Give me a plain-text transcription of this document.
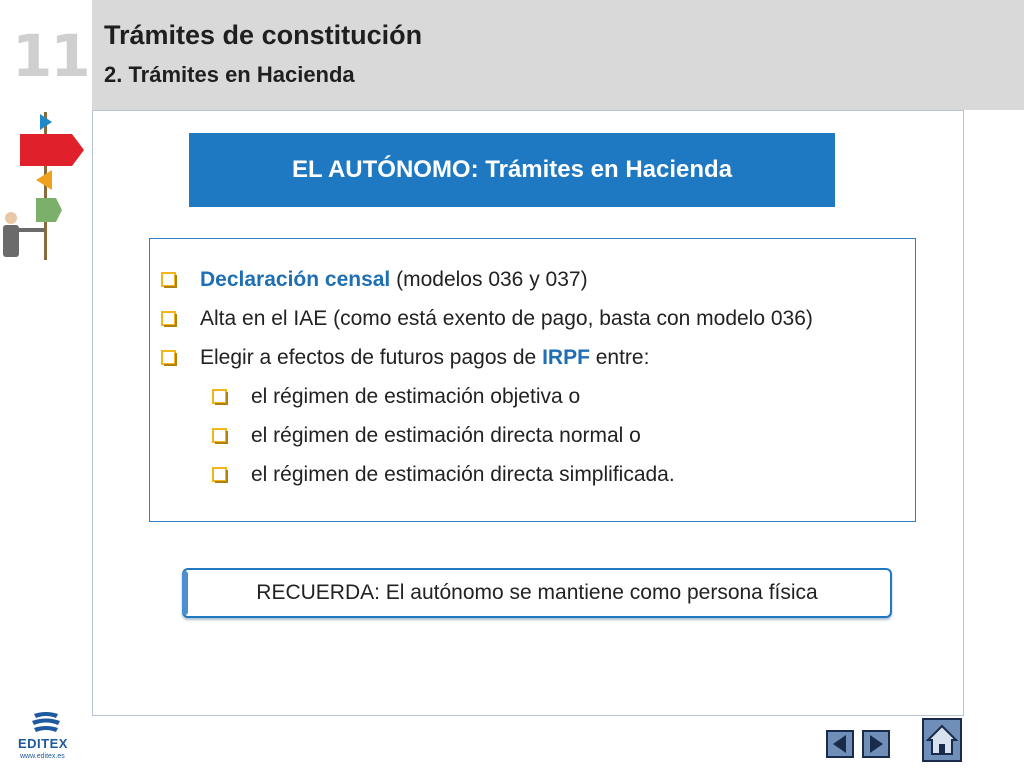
11 Trámites de constitución
2. Trámites en Hacienda
EL AUTÓNOMO: Trámites en Hacienda
Declaración censal (modelos 036 y 037)
Alta en el IAE (como está exento de pago, basta con modelo 036)
Elegir a efectos de futuros pagos de IRPF entre:
el régimen de estimación objetiva o
el régimen de estimación directa normal o
el régimen de estimación directa simplificada.
RECUERDA: El autónomo se mantiene como persona física
EDITEX
www.editex.es
